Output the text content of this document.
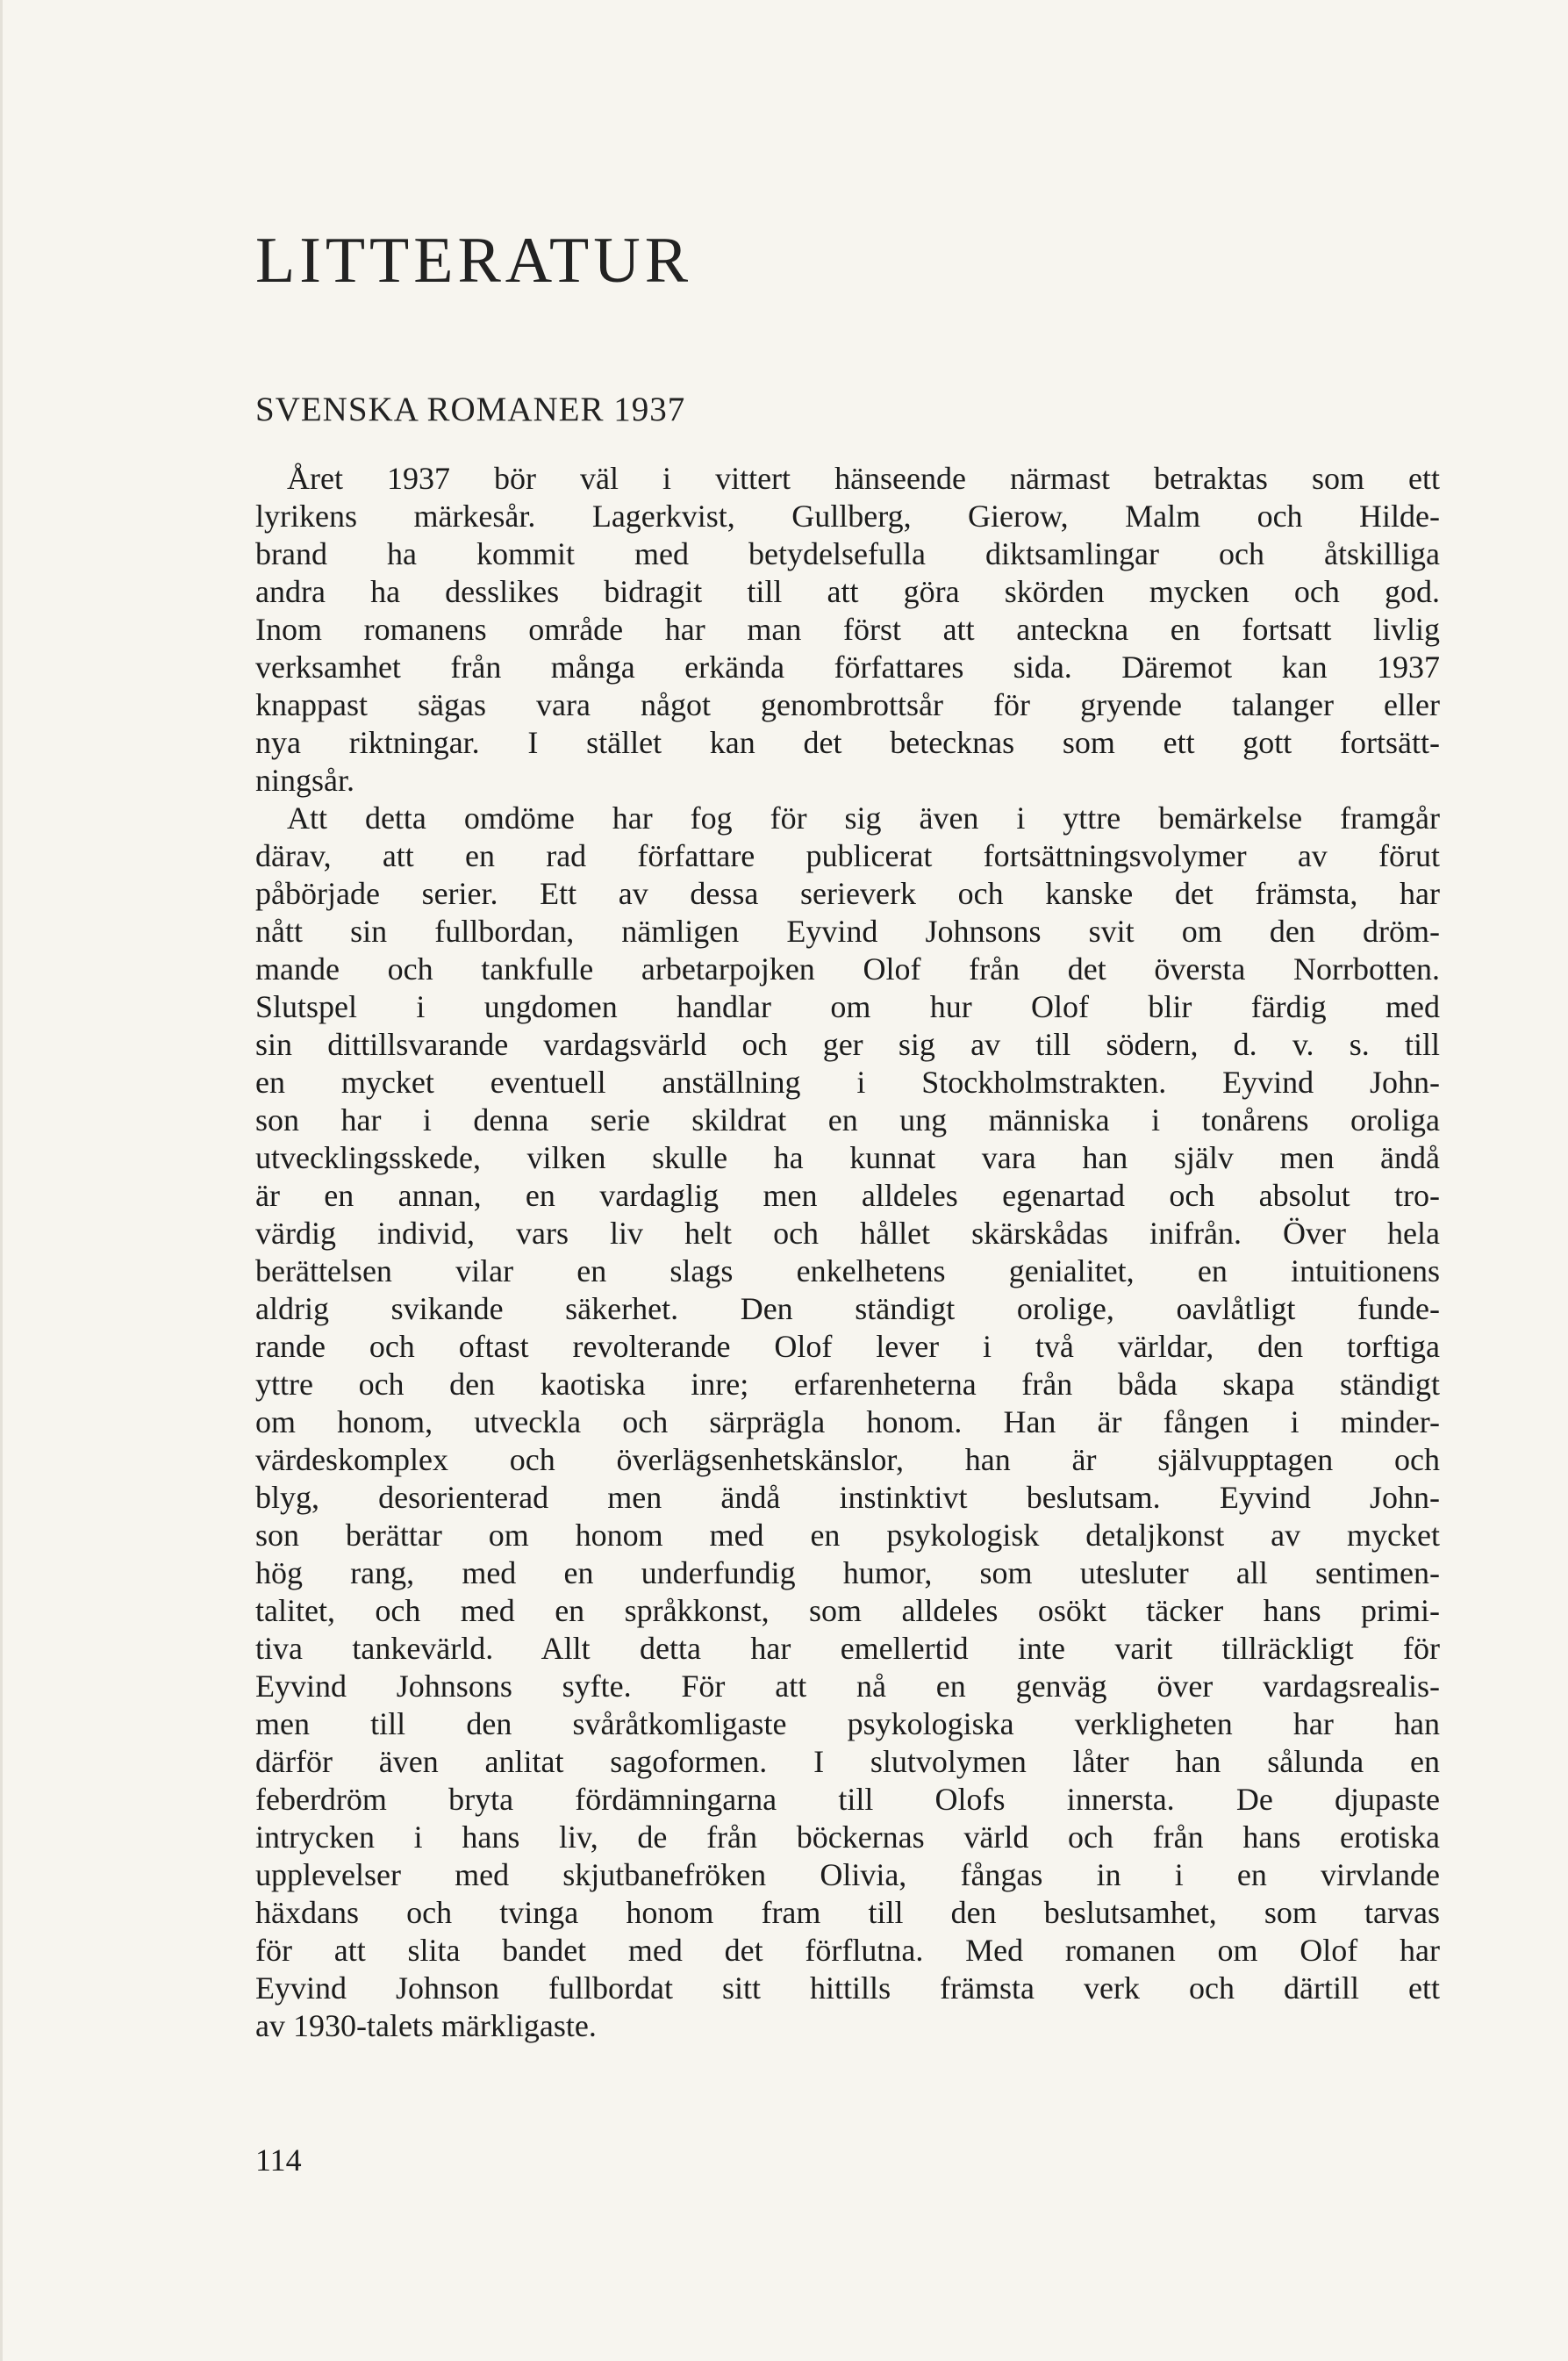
LITTERATUR
SVENSKA ROMANER 1937
Året 1937 bör väl i vittert hänseende närmast betraktas som ett
lyrikens märkesår. Lagerkvist, Gullberg, Gierow, Malm och Hilde-
brand ha kommit med betydelsefulla diktsamlingar och åtskilliga
andra ha desslikes bidragit till att göra skörden mycken och god.
Inom romanens område har man först att anteckna en fortsatt livlig
verksamhet från många erkända författares sida. Däremot kan 1937
knappast sägas vara något genombrottsår för gryende talanger eller
nya riktningar. I stället kan det betecknas som ett gott fortsätt-
ningsår.
Att detta omdöme har fog för sig även i yttre bemärkelse framgår
därav, att en rad författare publicerat fortsättningsvolymer av förut
påbörjade serier. Ett av dessa serieverk och kanske det främsta, har
nått sin fullbordan, nämligen Eyvind Johnsons svit om den dröm-
mande och tankfulle arbetarpojken Olof från det översta Norrbotten.
Slutspel i ungdomen handlar om hur Olof blir färdig med
sin dittillsvarande vardagsvärld och ger sig av till södern, d. v. s. till
en mycket eventuell anställning i Stockholmstrakten. Eyvind John-
son har i denna serie skildrat en ung människa i tonårens oroliga
utvecklingsskede, vilken skulle ha kunnat vara han själv men ändå
är en annan, en vardaglig men alldeles egenartad och absolut tro-
värdig individ, vars liv helt och hållet skärskådas inifrån. Över hela
berättelsen vilar en slags enkelhetens genialitet, en intuitionens
aldrig svikande säkerhet. Den ständigt orolige, oavlåtligt funde-
rande och oftast revolterande Olof lever i två världar, den torftiga
yttre och den kaotiska inre; erfarenheterna från båda skapa ständigt
om honom, utveckla och särprägla honom. Han är fången i minder-
värdeskomplex och överlägsenhetskänslor, han är självupptagen och
blyg, desorienterad men ändå instinktivt beslutsam. Eyvind John-
son berättar om honom med en psykologisk detaljkonst av mycket
hög rang, med en underfundig humor, som utesluter all sentimen-
talitet, och med en språkkonst, som alldeles osökt täcker hans primi-
tiva tankevärld. Allt detta har emellertid inte varit tillräckligt för
Eyvind Johnsons syfte. För att nå en genväg över vardagsrealis-
men till den svåråtkomligaste psykologiska verkligheten har han
därför även anlitat sagoformen. I slutvolymen låter han sålunda en
feberdröm bryta fördämningarna till Olofs innersta. De djupaste
intrycken i hans liv, de från böckernas värld och från hans erotiska
upplevelser med skjutbanefröken Olivia, fångas in i en virvlande
häxdans och tvinga honom fram till den beslutsamhet, som tarvas
för att slita bandet med det förflutna. Med romanen om Olof har
Eyvind Johnson fullbordat sitt hittills främsta verk och därtill ett
av 1930-talets märkligaste.

114
